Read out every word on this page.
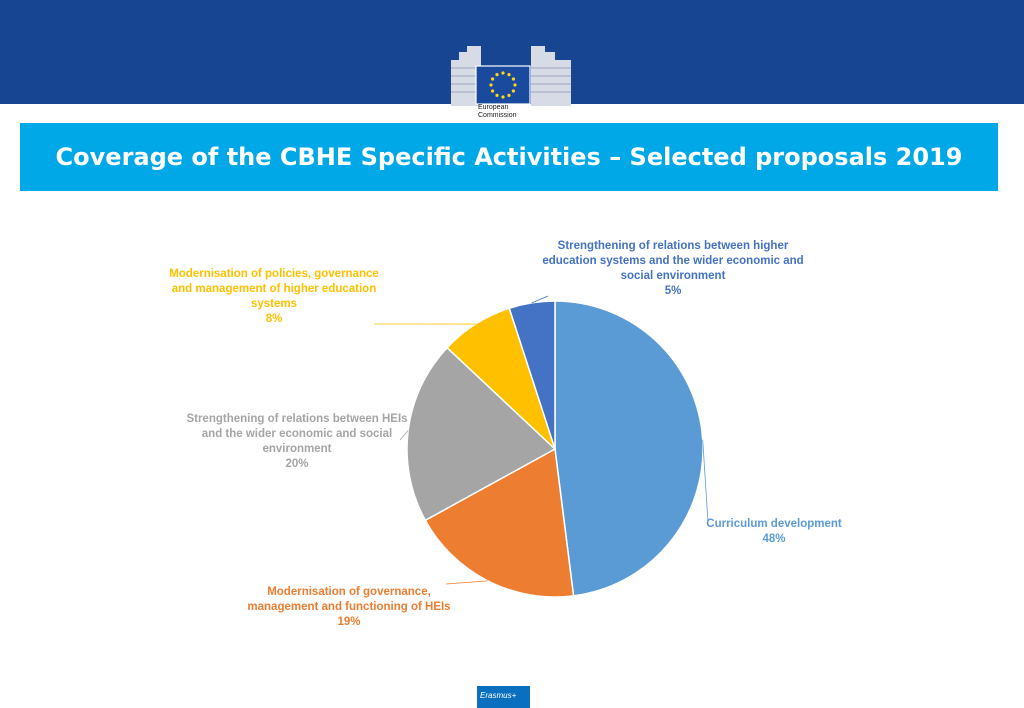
European
Commission
Coverage of the CBHE Specific Activities – Selected proposals 2019
Strengthening of relations between higher education systems and the wider economic and social environment
5%
Modernisation of policies, governance and management of higher education systems
8%
Strengthening of relations between HEIs and the wider economic and social environment
20%
Curriculum development
48%
Modernisation of governance, management and functioning of HEIs
19%
Erasmus+
